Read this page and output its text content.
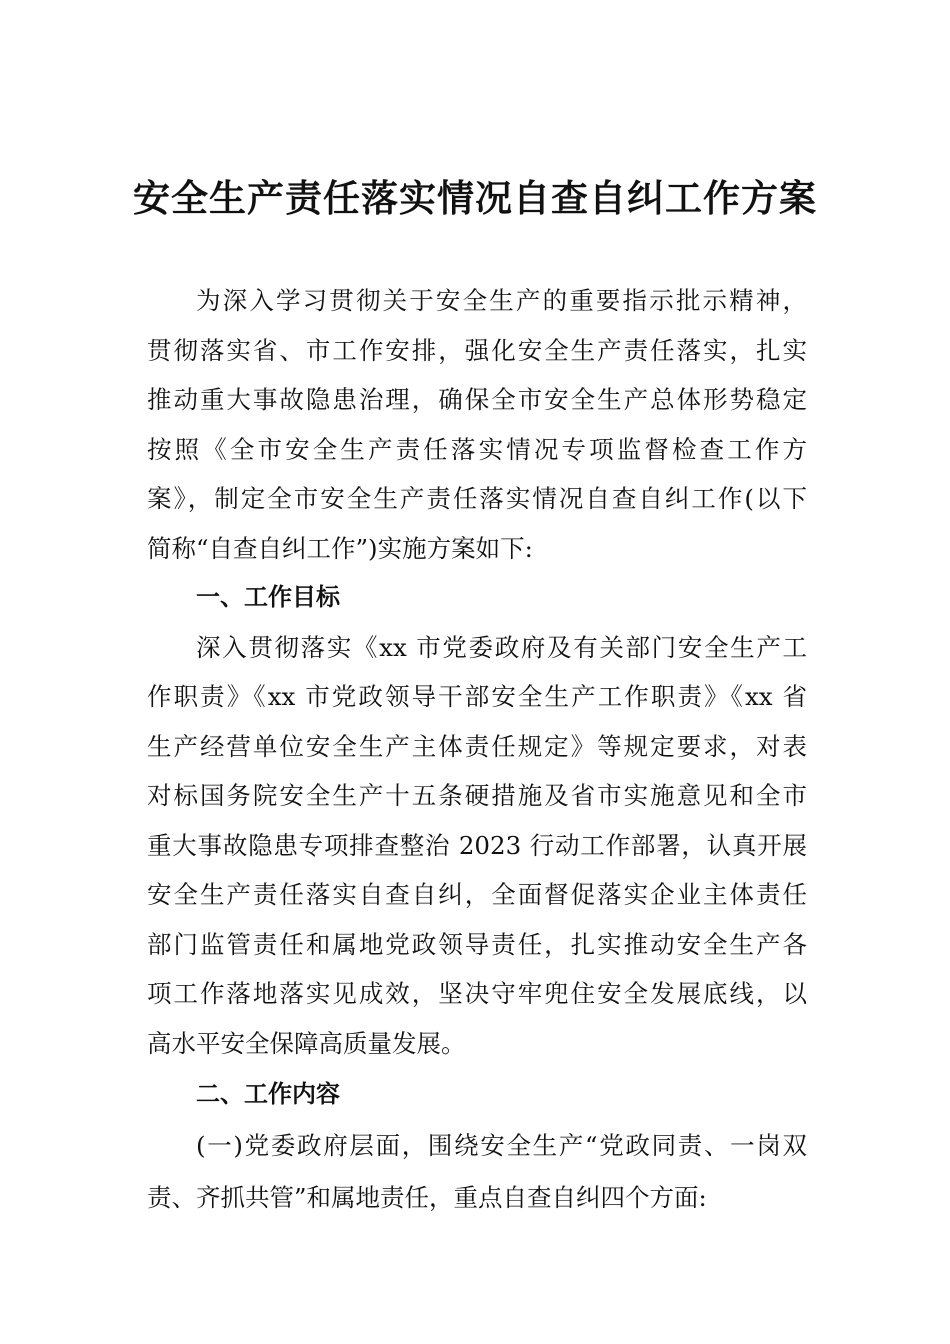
安全生产责任落实情况自查自纠工作方案
为深入学习贯彻关于安全生产的重要指示批示精神，
贯彻落实省、市工作安排，强化安全生产责任落实，扎实
推动重大事故隐患治理，确保全市安全生产总体形势稳定
按照《全市安全生产责任落实情况专项监督检查工作方
案》，制定全市安全生产责任落实情况自查自纠工作(以下
简称“自查自纠工作”)实施方案如下:
一、工作目标
深入贯彻落实《xx 市党委政府及有关部门安全生产工
作职责》《xx 市党政领导干部安全生产工作职责》《xx 省
生产经营单位安全生产主体责任规定》等规定要求，对表
对标国务院安全生产十五条硬措施及省市实施意见和全市
重大事故隐患专项排查整治 2023 行动工作部署，认真开展
安全生产责任落实自查自纠，全面督促落实企业主体责任
部门监管责任和属地党政领导责任，扎实推动安全生产各
项工作落地落实见成效，坚决守牢兜住安全发展底线，以
高水平安全保障高质量发展。
二、工作内容
(一)党委政府层面，围绕安全生产“党政同责、一岗双
责、齐抓共管”和属地责任，重点自查自纠四个方面:
